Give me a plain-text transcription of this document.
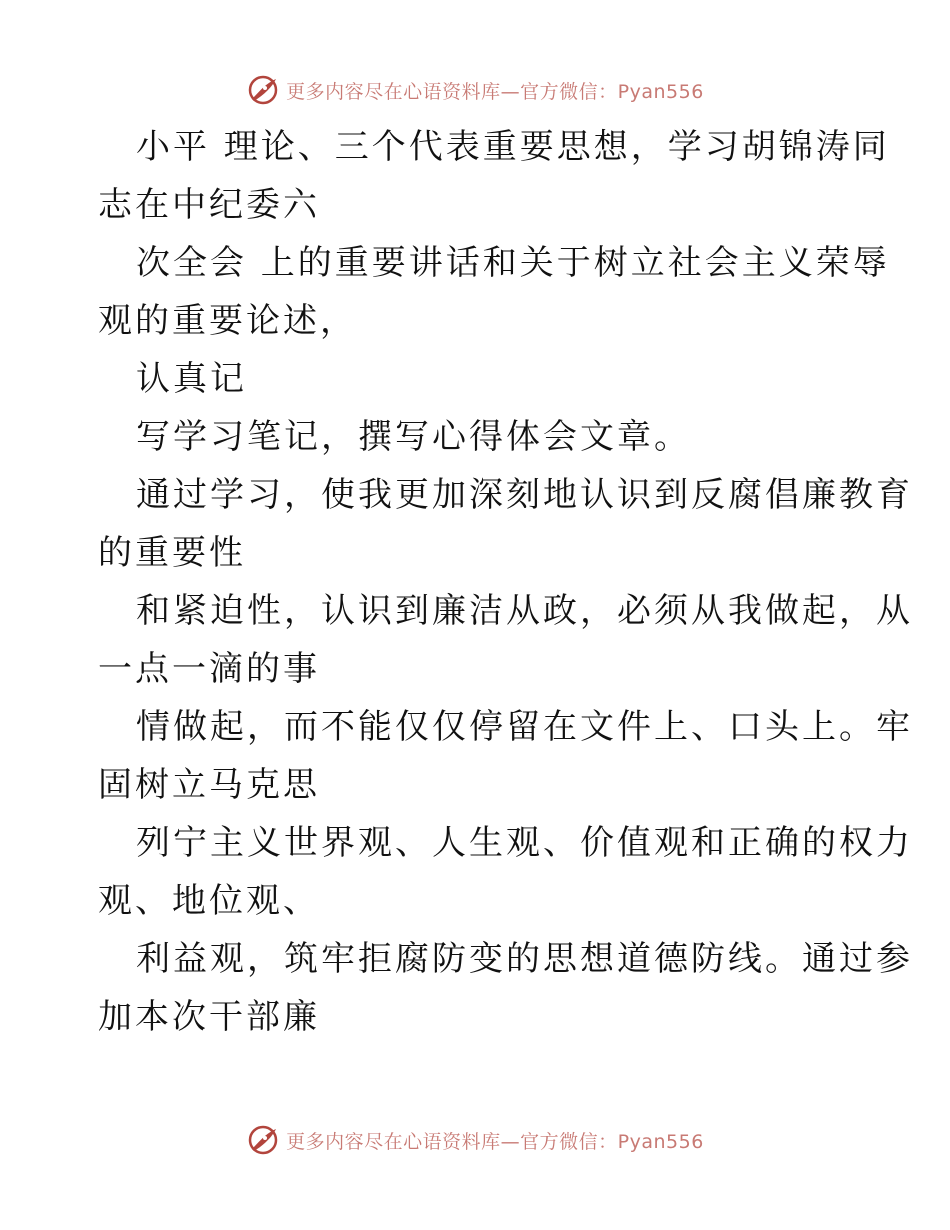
更多内容尽在心语资料库—官方微信：Pyan556
小平 理论、三个代表重要思想，学习胡锦涛同
志在中纪委六
次全会 上的重要讲话和关于树立社会主义荣辱
观的重要论述，
认真记
写学习笔记，撰写心得体会文章。
通过学习，使我更加深刻地认识到反腐倡廉教育
的重要性
和紧迫性，认识到廉洁从政，必须从我做起，从
一点一滴的事
情做起，而不能仅仅停留在文件上、口头上。牢
固树立马克思
列宁主义世界观、人生观、价值观和正确的权力
观、地位观、
利益观，筑牢拒腐防变的思想道德防线。通过参
加本次干部廉
更多内容尽在心语资料库—官方微信：Pyan556
